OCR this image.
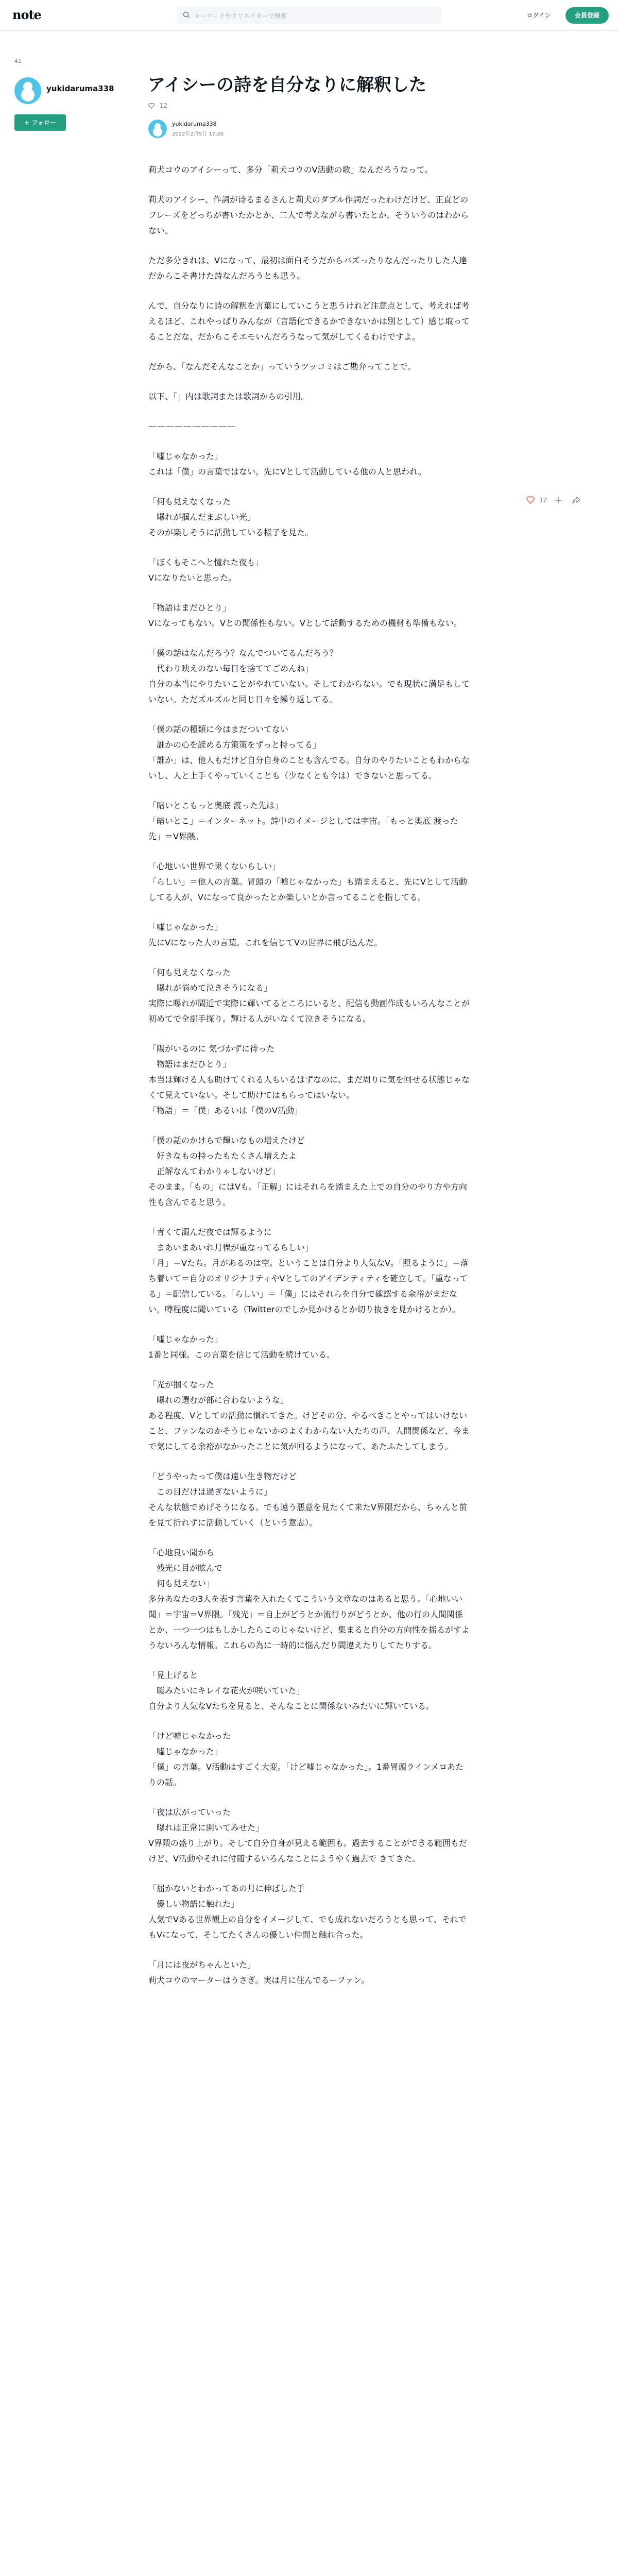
note	キーワードやクリエイターで検索	ログイン	会員登録
41
yukidaruma338
+ フォロー
アイシーの詩を自分なりに解釈した
12
yukidaruma338
2022年2月5日 17:20

莉犬コウのアイシーって、多分「莉犬コウのV活動の歌」なんだろうなって。

莉犬のアイシー、作詞が诗るまるさんと莉犬のダブル作詞だったわけだけど、正直どのフレーズをどっちが書いたかとか、二人で考えながら書いたとか、そういうのはわからない。

ただ多分きれは、Vになって、最初は面白そうだからバズったりなんだったりした人達だからこそ書けた詩なんだろうとも思う。

んで、自分なりに詩の解釈を言葉にしていこうと思うけれど注意点として、考えれば考えるほど、これやっぱりみんなが（言語化できるかできないかは別として）感じ取ってることだな、だからこそエモいんだろうなって気がしてくるわけですよ。

だから、「なんだそんなことか」っていうツッコミはご勘弁ってことで。

以下、「」内は歌詞または歌詞からの引用。

——————————

「嘘じゃなかった」
これは「僕」の言葉ではない。先にVとして活動している他の人と思われ。

「何も見えなくなった
　曝れが掴んだまぶしい光」
そのが楽しそうに活動している様子を見た。

「ぼくもそこへと憧れた夜も」
Vになりたいと思った。

「物語はまだひとり」
Vになってもない。Vとの関係性もない。Vとして活動するための機材も準備もない。

「僕の話はなんだろう？なんでついてるんだろう？
　代わり映えのない毎日を捨ててごめんね」
自分の本当にやりたいことがやれていない。そしてわからない。でも現状に満足もしていない。ただズルズルと同じ日々を繰り返してる。

「僕の話の種類に今はまだついてない
　誰かの心を読める方策策をずっと持ってる」
「誰か」は、他人もだけど自分自身のことも含んでる。自分のやりたいこともわからないし、人と上手くやっていくことも（少なくとも今は）できないと思ってる。

「暗いとこもっと奥底 渡った先は」
「暗いとこ」＝インターネット。詩中のイメージとしては宇宙。「もっと奥底 渡った先」＝V界隈。

「心地いい世界で果くないらしい」
「らしい」＝他人の言葉。冒頭の「嘘じゃなかった」も踏まえると、先にVとして活動してる人が、Vになって良かったとか楽しいとか言ってることを指してる。

「嘘じゃなかった」
先にVになった人の言葉。これを信じてVの世界に飛び込んだ。

「何も見えなくなった
　曝れが悩めて泣きそうになる」
実際に曝れが間近で実際に輝いてるところにいると、配信も動画作成もいろんなことが初めてで全部手探り。輝ける人がいなくて泣きそうになる。

「陽がいるのに 気づかずに待った
　物語はまだひとり」
本当は輝ける人も助けてくれる人もいるはずなのに、まだ周りに気を回せる状態じゃなくて見えていない。そして助けてはもらってはいない。
「物語」＝「僕」あるいは「僕のV活動」

「僕の話のかけらで輝いなもの増えたけど
　好きなもの持ったもたくさん増えたよ
　正解なんてわかりゃしないけど」
そのまま。「もの」にはVも。「正解」にはそれらを踏まえた上での自分のやり方や方向性も含んでると思う。

「青くて濁んだ夜では輝るように
　まあいまあいれ月裸が重なってるらしい」
「月」＝Vたち。月があるのは空。ということは自分より人気なV。「照るように」＝落ち着いて＝自分のオリジナリティやVとしてのアイデンティティを確立して。「重なってる」＝配信している。「らしい」＝「僕」にはそれらを自分で確認する余裕がまだない。噂程度に聞いている（Twitterのでしか見かけるとか切り抜きを見かけるとか）。

「嘘じゃなかった」
1番と同様。この言葉を信じて活動を続けている。

「光が掴くなった
　曝れの選むが部に合わないような」
ある程度、Vとしての活動に慣れてきた。けどその分、やるべきことやってはいけないこと、ファンなのかそうじゃないかのよくわからない人たちの声、人間関係など、今まで気にしてる余裕がなかったことに気が回るようになって、あたふたしてしまう。

「どうやったって僕は遠い生き物だけど
　この目だけは過ぎないように」
そんな状態でめげそうになる。でも遠う悪意を見たくて来たV界隈だから、ちゃんと前を見て折れずに活動していく（という意志）。

「心地良い聞から
　残光に目が眩んで
　何も見えない」
多分あなたの3人を表す言葉を入れたくてこういう文章なのはあると思う。「心地いい聞」＝宇宙＝V界隈。「残光」＝自上がどうとか流行りがどうとか、他の行の人間関係とか、一つ一つはもしかしたらこのじゃないけど、集まると自分の方向性を揺るがすようないろんな情報。これらの為に一時的に悩んだり間違えたりしてたりする。

「見上げると
　暖みたいにキレイな花火が咲いていた」
自分より人気なVたちを見ると、そんなことに関係ないみたいに輝いている。

「けど嘘じゃなかった
　嘘じゃなかった」
「僕」の言葉。V活動はすごく大変。「けど嘘じゃなかった」。1番冒頭ラインメロあたりの話。

「夜は広がっていった
　曝れは正常に開いてみせた」
V界隈の盛り上がり。そして自分自身が見える範囲も。過去することができる範囲もだけど、V活動やそれに付随するいろんなことにようやく過去で きてきた。

「届かないとわかってあの月に伸ばした手
　優しい物語に触れた」
人気でVある世界観上の自分をイメージして、でも成れないだろうとも思って、それでもVになって、そしてたくさんの優しい仲間と触れ合った。

「月には夜がちゃんといた」
莉犬コウのマーターはうさぎ。実は月に住んでるーファン。

12
